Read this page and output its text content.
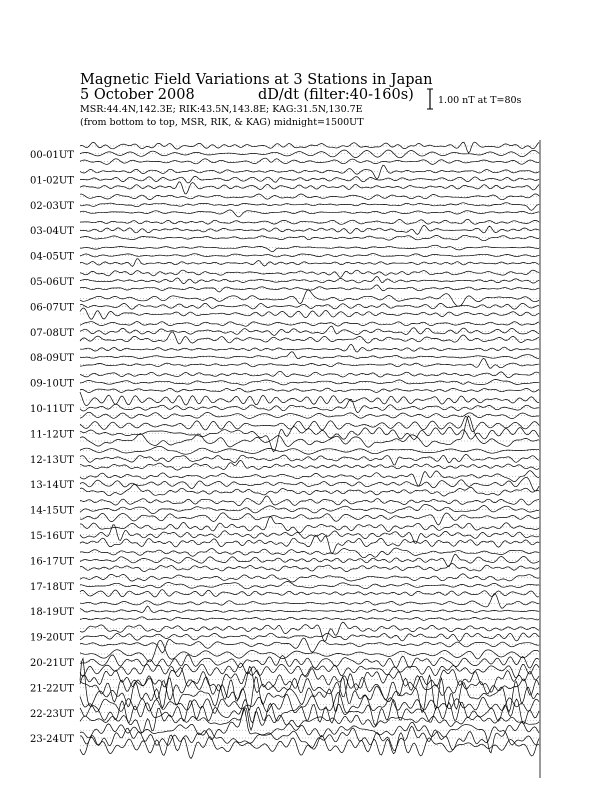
Magnetic Field Variations at 3 Stations in Japan
5 October 2008	dD/dt (filter:40-160s)
MSR:44.4N,142.3E; RIK:43.5N,143.8E; KAG:31.5N,130.7E
(from bottom to top, MSR, RIK, & KAG) midnight=1500UT
1.00 nT at T=80s
00-01UT
01-02UT
02-03UT
03-04UT
04-05UT
05-06UT
06-07UT
07-08UT
08-09UT
09-10UT
10-11UT
11-12UT
12-13UT
13-14UT
14-15UT
15-16UT
16-17UT
17-18UT
18-19UT
19-20UT
20-21UT
21-22UT
22-23UT
23-24UT
